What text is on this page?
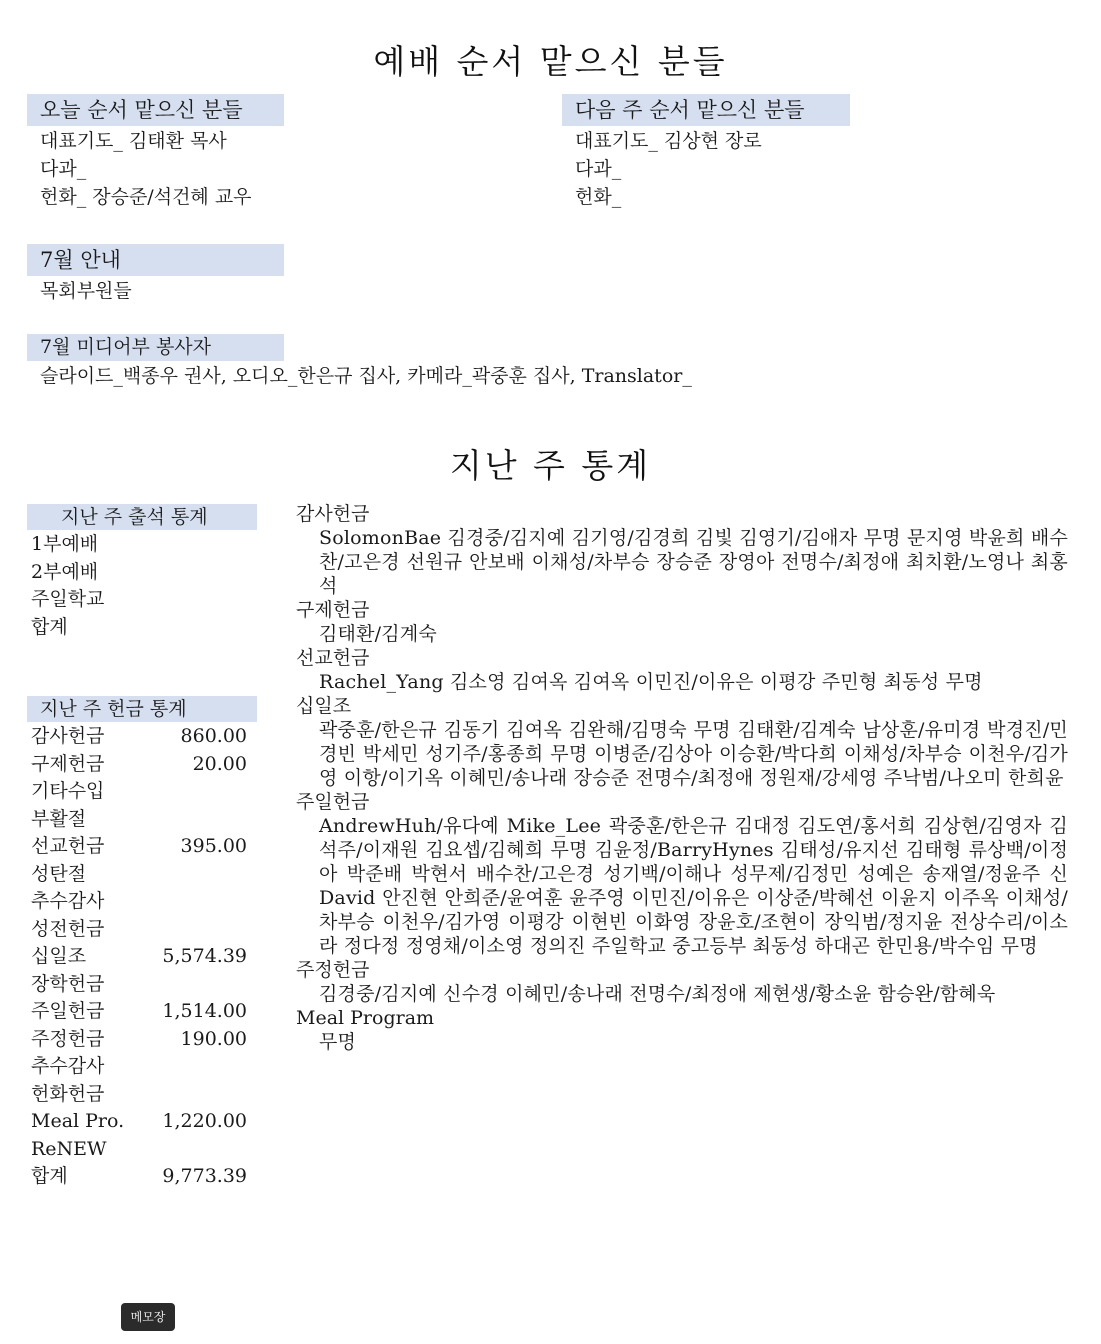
예배 순서 맡으신 분들
오늘 순서 맡으신 분들
대표기도_ 김태환 목사
다과_
헌화_ 장승준/석건혜 교우
다음 주 순서 맡으신 분들
대표기도_ 김상현 장로
다과_
헌화_
7월 안내
목회부원들
7월 미디어부 봉사자
슬라이드_백종우 권사, 오디오_한은규 집사, 카메라_곽중훈 집사, Translator_
지난 주 통계
지난 주 출석 통계
1부예배
2부예배
주일학교
합계
지난 주 헌금 통계
감사헌금	860.00
구제헌금	20.00
기타수입
부활절
선교헌금	395.00
성탄절
추수감사
성전헌금
십일조	5,574.39
장학헌금
주일헌금	1,514.00
주정헌금	190.00
추수감사
헌화헌금
Meal Pro. 1,220.00
ReNEW
합계	9,773.39
감사헌금
SolomonBae 김경중/김지예 김기영/김경희 김빛 김영기/김애자 무명 문지영 박윤희 배수찬/고은경 선원규 안보배 이채성/차부승 장승준 장영아 전명수/최정애 최치환/노영나 최홍석
구제헌금
김태환/김계숙
선교헌금
Rachel_Yang 김소영 김여옥 김여옥 이민진/이유은 이평강 주민형 최동성 무명
십일조
곽중훈/한은규 김동기 김여옥 김완해/김명숙 무명 김태환/김계숙 남상훈/유미경 박경진/민경빈 박세민 성기주/홍종희 무명 이병준/김상아 이승환/박다희 이채성/차부승 이천우/김가영 이항/이기옥 이혜민/송나래 장승준 전명수/최정애 정원재/강세영 주낙범/나오미 한희윤
주일헌금
AndrewHuh/유다예 Mike_Lee 곽중훈/한은규 김대정 김도연/홍서희 김상현/김영자 김석주/이재원 김요셉/김혜희 무명 김윤정/BarryHynes 김태성/유지선 김태형 류상백/이정아 박준배 박현서 배수찬/고은경 성기백/이해나 성무제/김정민 성예은 송재열/정윤주 신David 안진현 안희준/윤여훈 윤주영 이민진/이유은 이상준/박혜선 이윤지 이주옥 이채성/차부승 이천우/김가영 이평강 이현빈 이화영 장윤호/조현이 장익범/정지윤 전상수리/이소라 정다정 정영채/이소영 정의진 주일학교 중고등부 최동성 하대곤 한민용/박수임 무명
주정헌금
김경중/김지예 신수경 이혜민/송나래 전명수/최정애 제현생/황소윤 함승완/함혜욱
Meal Program
무명
메모장
